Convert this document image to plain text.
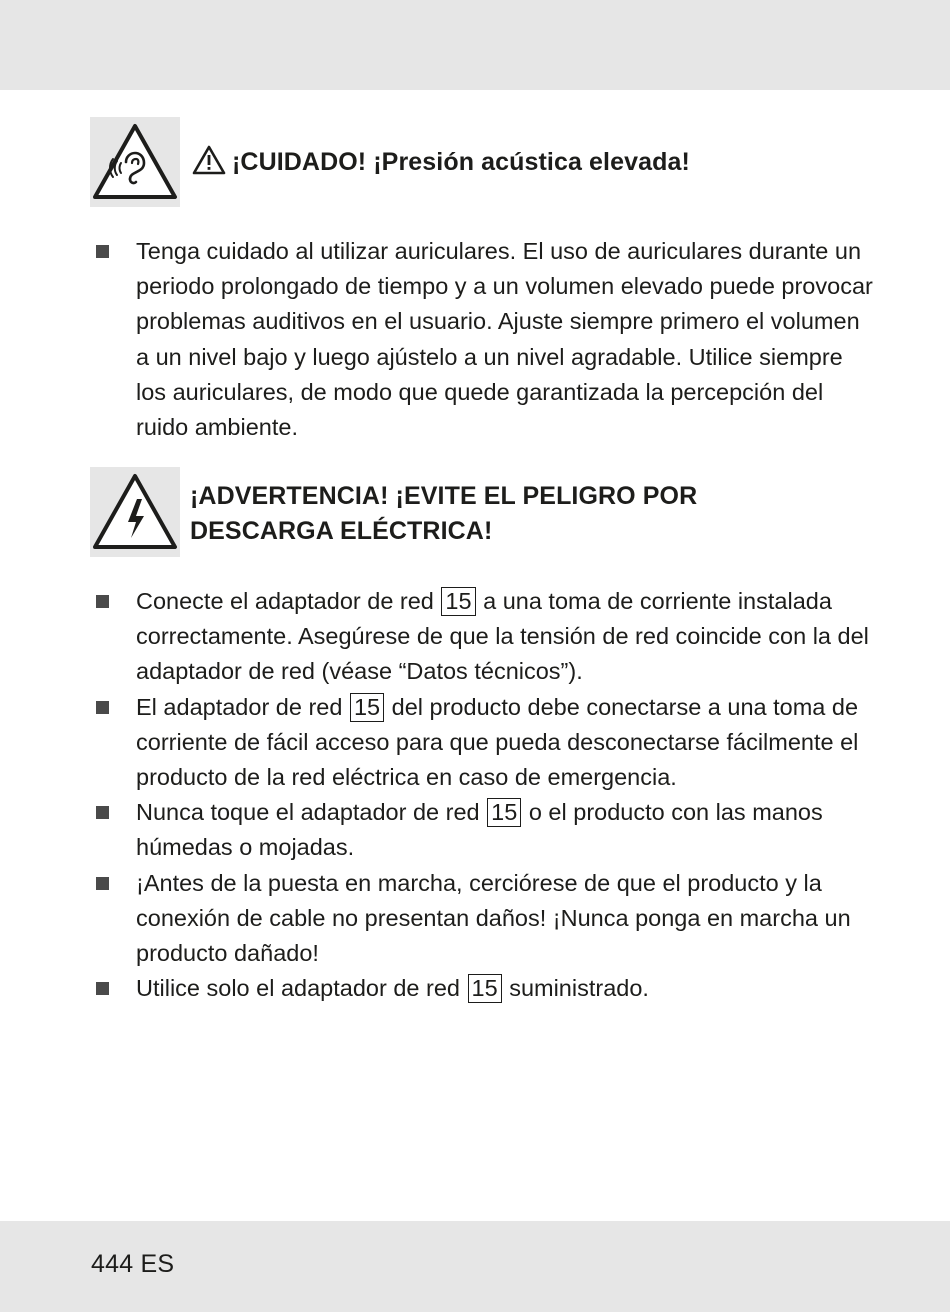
¡CUIDADO! ¡Presión acústica elevada!
Tenga cuidado al utilizar auriculares. El uso de auriculares durante un periodo prolongado de tiempo y a un volumen elevado puede provocar problemas auditivos en el usuario. Ajuste siempre primero el volumen a un nivel bajo y luego ajústelo a un nivel agradable. Utilice siempre los auriculares, de modo que quede garantizada la percepción del ruido ambiente.
¡ADVERTENCIA! ¡EVITE EL PELIGRO POR
DESCARGA ELÉCTRICA!
Conecte el adaptador de red 15 a una toma de corriente instalada correctamente. Asegúrese de que la tensión de red coincide con la del adaptador de red (véase “Datos técnicos”).
El adaptador de red 15 del producto debe conectarse a una toma de corriente de fácil acceso para que pueda desconectarse fácilmente el producto de la red eléctrica en caso de emergencia.
Nunca toque el adaptador de red 15 o el producto con las manos húmedas o mojadas.
¡Antes de la puesta en marcha, cerciórese de que el producto y la conexión de cable no presentan daños! ¡Nunca ponga en marcha un producto dañado!
Utilice solo el adaptador de red 15 suministrado.
444 ES
